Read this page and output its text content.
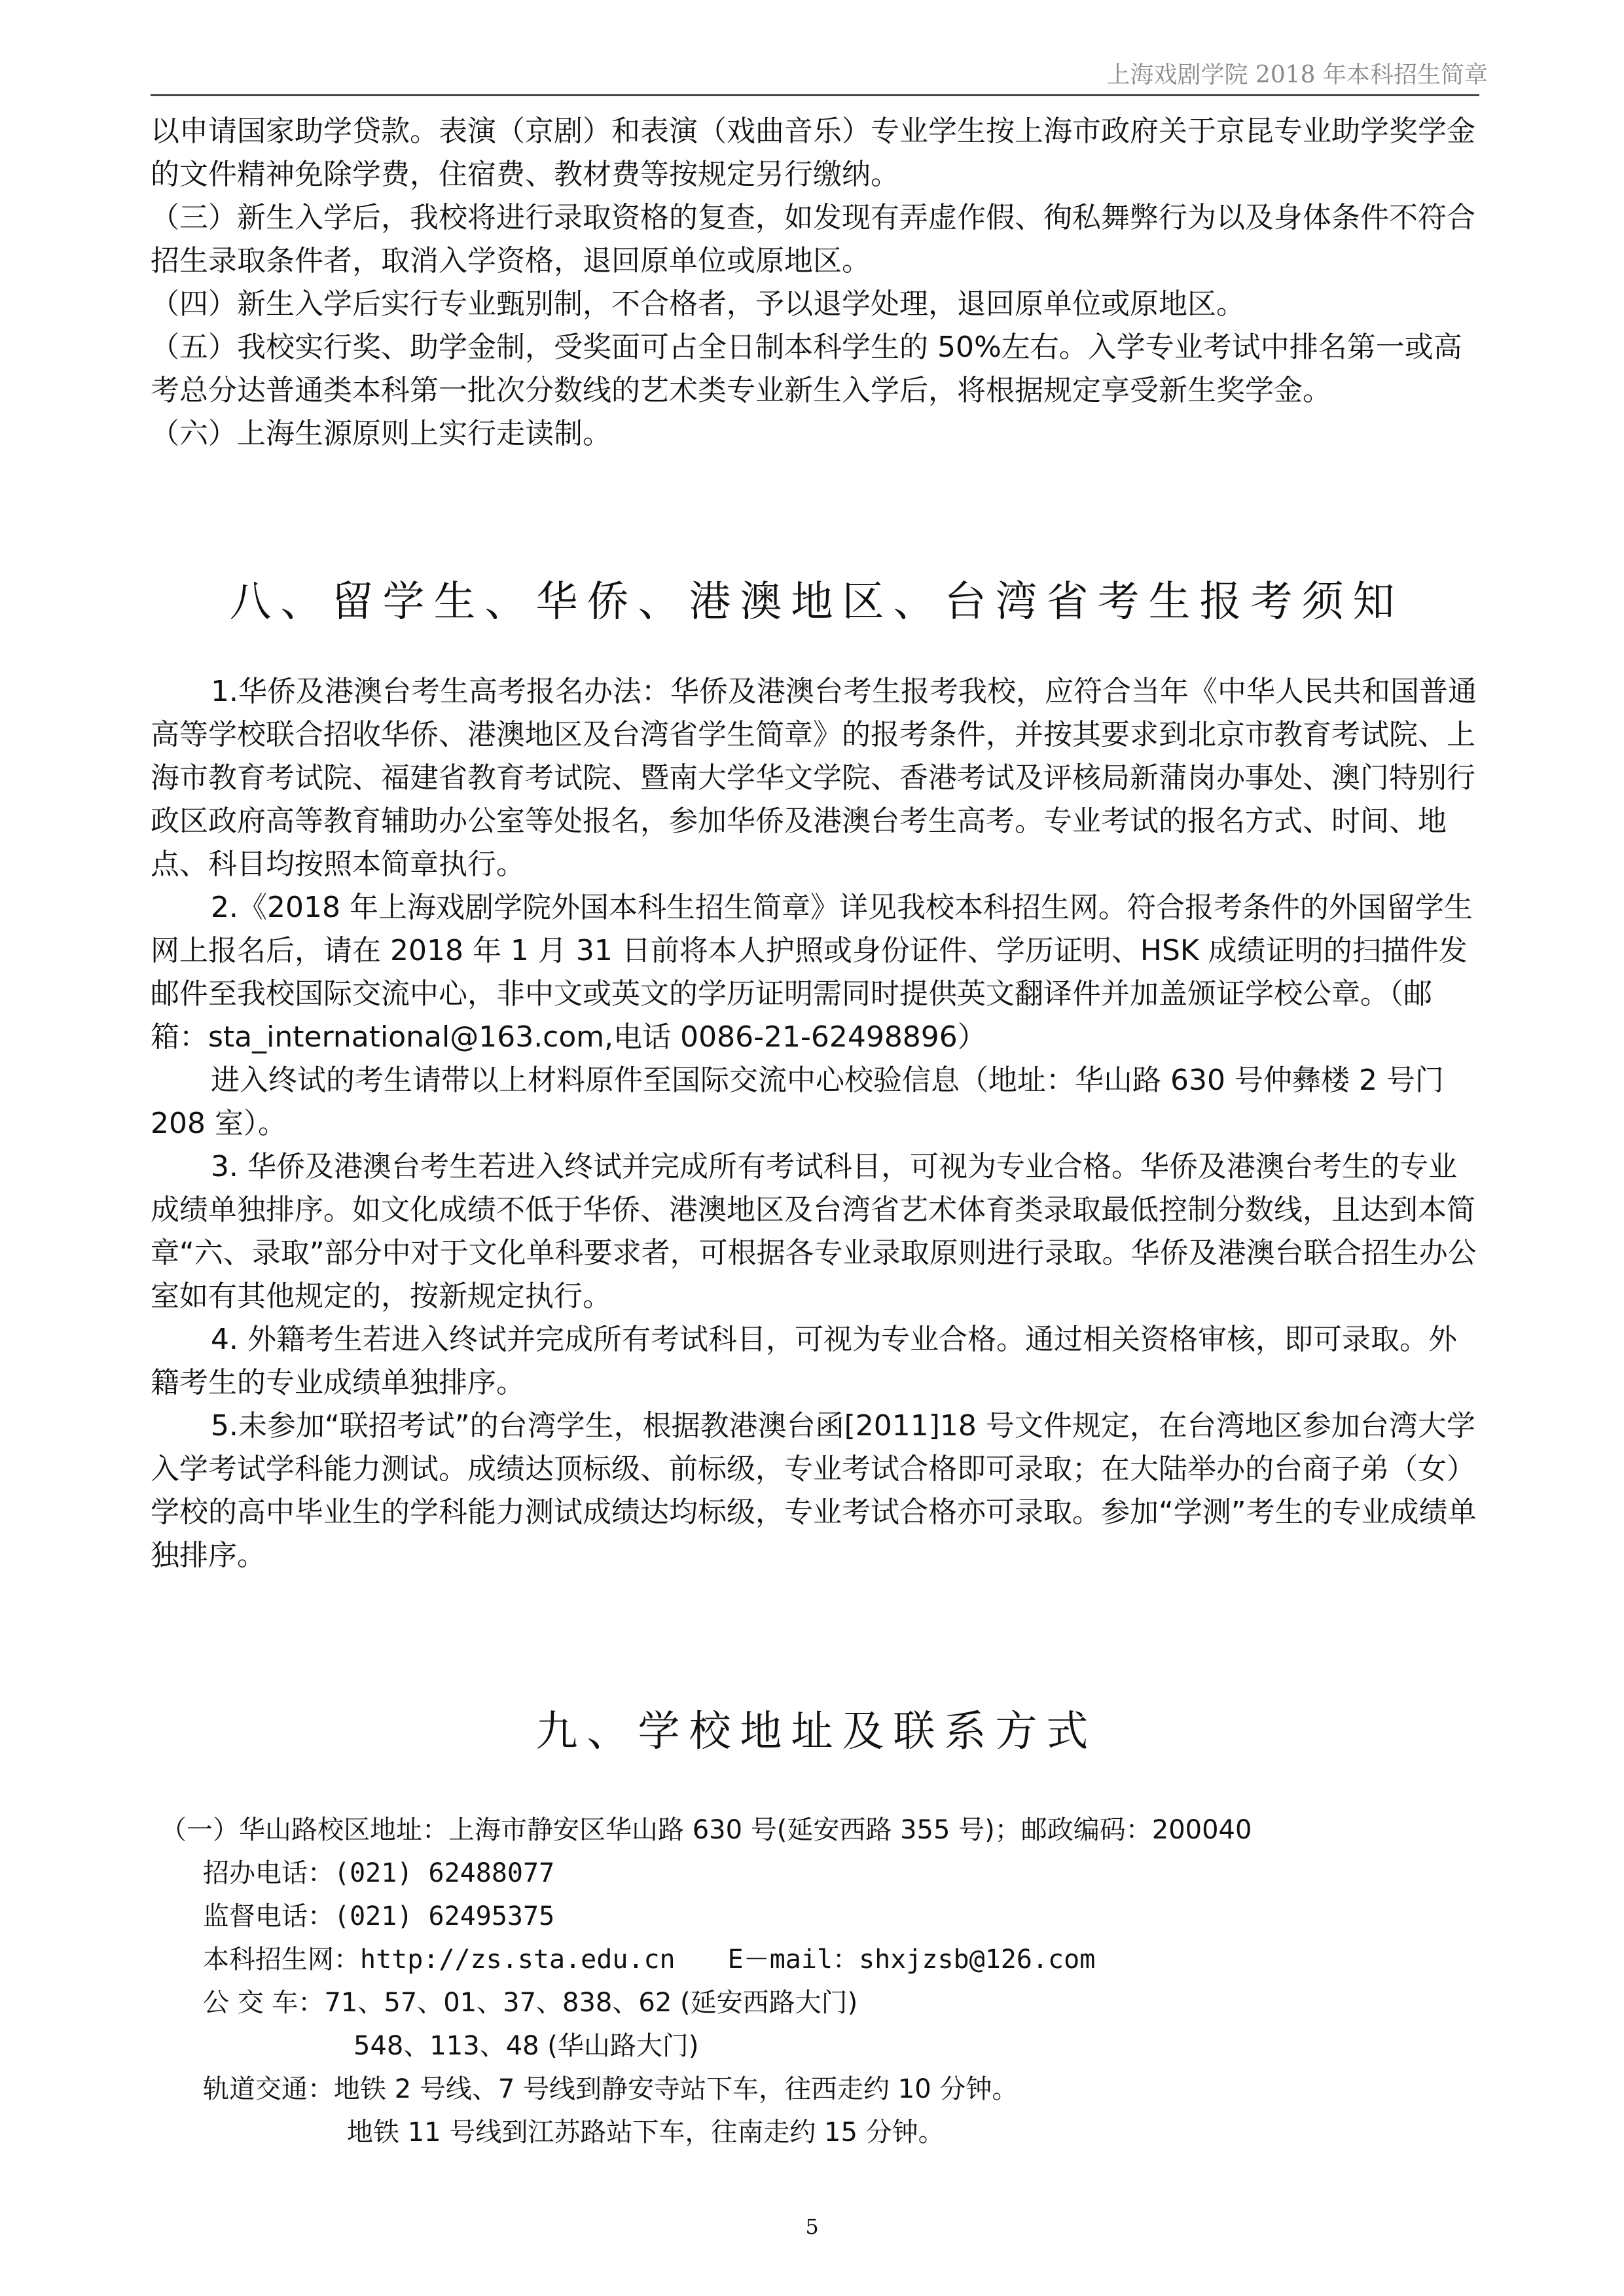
上海戏剧学院 2018 年本科招生简章

以申请国家助学贷款。表演（京剧）和表演（戏曲音乐）专业学生按上海市政府关于京昆专业助学奖学金的文件精神免除学费，住宿费、教材费等按规定另行缴纳。

（三）新生入学后，我校将进行录取资格的复查，如发现有弄虚作假、徇私舞弊行为以及身体条件不符合招生录取条件者，取消入学资格，退回原单位或原地区。

（四）新生入学后实行专业甄别制，不合格者，予以退学处理，退回原单位或原地区。

（五）我校实行奖、助学金制，受奖面可占全日制本科学生的 50%左右。入学专业考试中排名第一或高考总分达普通类本科第一批次分数线的艺术类专业新生入学后，将根据规定享受新生奖学金。

（六）上海生源原则上实行走读制。

八、留学生、华侨、港澳地区、台湾省考生报考须知

1.华侨及港澳台考生高考报名办法：华侨及港澳台考生报考我校，应符合当年《中华人民共和国普通高等学校联合招收华侨、港澳地区及台湾省学生简章》的报考条件，并按其要求到北京市教育考试院、上海市教育考试院、福建省教育考试院、暨南大学华文学院、香港考试及评核局新蒲岗办事处、澳门特别行政区政府高等教育辅助办公室等处报名，参加华侨及港澳台考生高考。专业考试的报名方式、时间、地点、科目均按照本简章执行。

2.《2018 年上海戏剧学院外国本科生招生简章》详见我校本科招生网。符合报考条件的外国留学生网上报名后，请在 2018 年 1 月 31 日前将本人护照或身份证件、学历证明、HSK 成绩证明的扫描件发邮件至我校国际交流中心，非中文或英文的学历证明需同时提供英文翻译件并加盖颁证学校公章。（邮箱：sta_international@163.com,电话 0086-21-62498896）

进入终试的考生请带以上材料原件至国际交流中心校验信息（地址：华山路 630 号仲彝楼 2 号门 208 室）。

3. 华侨及港澳台考生若进入终试并完成所有考试科目，可视为专业合格。华侨及港澳台考生的专业成绩单独排序。如文化成绩不低于华侨、港澳地区及台湾省艺术体育类录取最低控制分数线，且达到本简章“六、录取”部分中对于文化单科要求者，可根据各专业录取原则进行录取。华侨及港澳台联合招生办公室如有其他规定的，按新规定执行。

4. 外籍考生若进入终试并完成所有考试科目，可视为专业合格。通过相关资格审核，即可录取。外籍考生的专业成绩单独排序。

5.未参加“联招考试”的台湾学生，根据教港澳台函[2011]18 号文件规定，在台湾地区参加台湾大学入学考试学科能力测试。成绩达顶标级、前标级，专业考试合格即可录取；在大陆举办的台商子弟（女）学校的高中毕业生的学科能力测试成绩达均标级，专业考试合格亦可录取。参加“学测”考生的专业成绩单独排序。

九、学校地址及联系方式
（一）华山路校区地址：上海市静安区华山路 630 号(延安西路 355 号)；邮政编码：200040
招办电话：(021) 62488077
监督电话：(021) 62495375
本科招生网：http://zs.sta.edu.cn E－mail：shxjzsb@126.com
公 交 车：71、57、01、37、838、62 (延安西路大门)
548、113、48 (华山路大门)
轨道交通：地铁 2 号线、7 号线到静安寺站下车，往西走约 10 分钟。
地铁 11 号线到江苏路站下车，往南走约 15 分钟。
5
